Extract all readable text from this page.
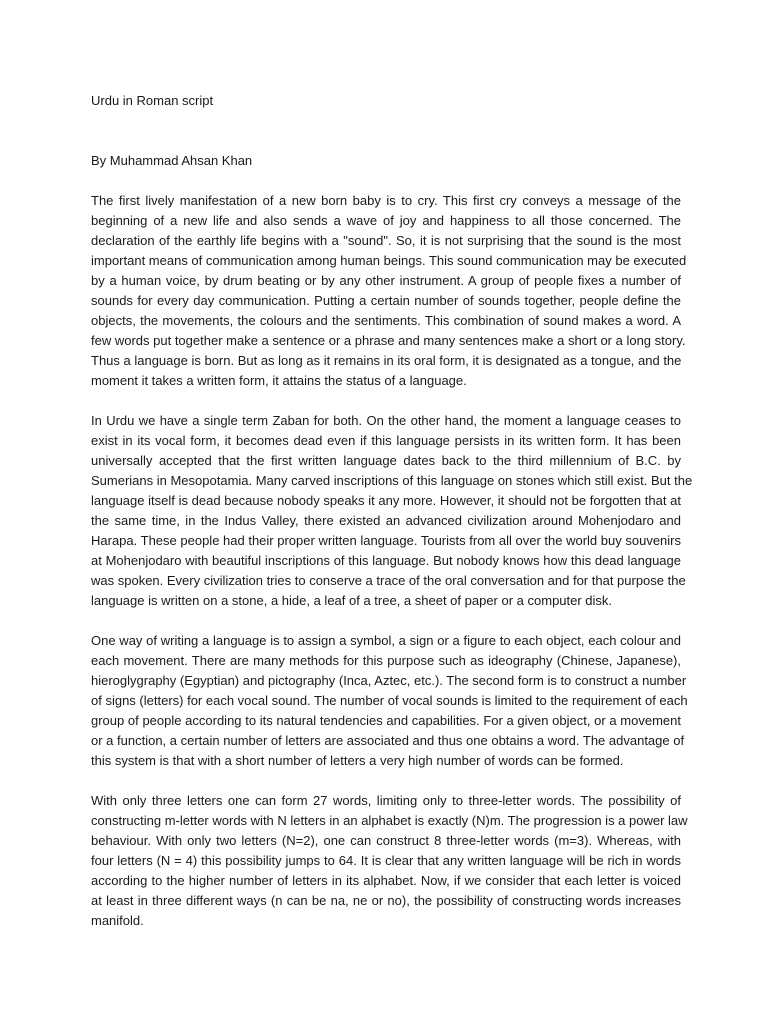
Urdu in Roman script
By Muhammad Ahsan Khan
The first lively manifestation of a new born baby is to cry. This first cry conveys a message of the
beginning of a new life and also sends a wave of joy and happiness to all those concerned. The
declaration of the earthly life begins with a "sound". So, it is not surprising that the sound is the most
important means of communication among human beings. This sound communication may be executed
by a human voice, by drum beating or by any other instrument. A group of people fixes a number of
sounds for every day communication. Putting a certain number of sounds together, people define the
objects, the movements, the colours and the sentiments. This combination of sound makes a word. A
few words put together make a sentence or a phrase and many sentences make a short or a long story.
Thus a language is born. But as long as it remains in its oral form, it is designated as a tongue, and the
moment it takes a written form, it attains the status of a language.
In Urdu we have a single term Zaban for both. On the other hand, the moment a language ceases to
exist in its vocal form, it becomes dead even if this language persists in its written form. It has been
universally accepted that the first written language dates back to the third millennium of B.C. by
Sumerians in Mesopotamia. Many carved inscriptions of this language on stones which still exist. But the
language itself is dead because nobody speaks it any more. However, it should not be forgotten that at
the same time, in the Indus Valley, there existed an advanced civilization around Mohenjodaro and
Harapa. These people had their proper written language. Tourists from all over the world buy souvenirs
at Mohenjodaro with beautiful inscriptions of this language. But nobody knows how this dead language
was spoken. Every civilization tries to conserve a trace of the oral conversation and for that purpose the
language is written on a stone, a hide, a leaf of a tree, a sheet of paper or a computer disk.
One way of writing a language is to assign a symbol, a sign or a figure to each object, each colour and
each movement. There are many methods for this purpose such as ideography (Chinese, Japanese),
hieroglygraphy (Egyptian) and pictography (Inca, Aztec, etc.). The second form is to construct a number
of signs (letters) for each vocal sound. The number of vocal sounds is limited to the requirement of each
group of people according to its natural tendencies and capabilities. For a given object, or a movement
or a function, a certain number of letters are associated and thus one obtains a word. The advantage of
this system is that with a short number of letters a very high number of words can be formed.
With only three letters one can form 27 words, limiting only to three-letter words. The possibility of
constructing m-letter words with N letters in an alphabet is exactly (N)m. The progression is a power law
behaviour. With only two letters (N=2), one can construct 8 three-letter words (m=3). Whereas, with
four letters (N = 4) this possibility jumps to 64. It is clear that any written language will be rich in words
according to the higher number of letters in its alphabet. Now, if we consider that each letter is voiced
at least in three different ways (n can be na, ne or no), the possibility of constructing words increases
manifold.
